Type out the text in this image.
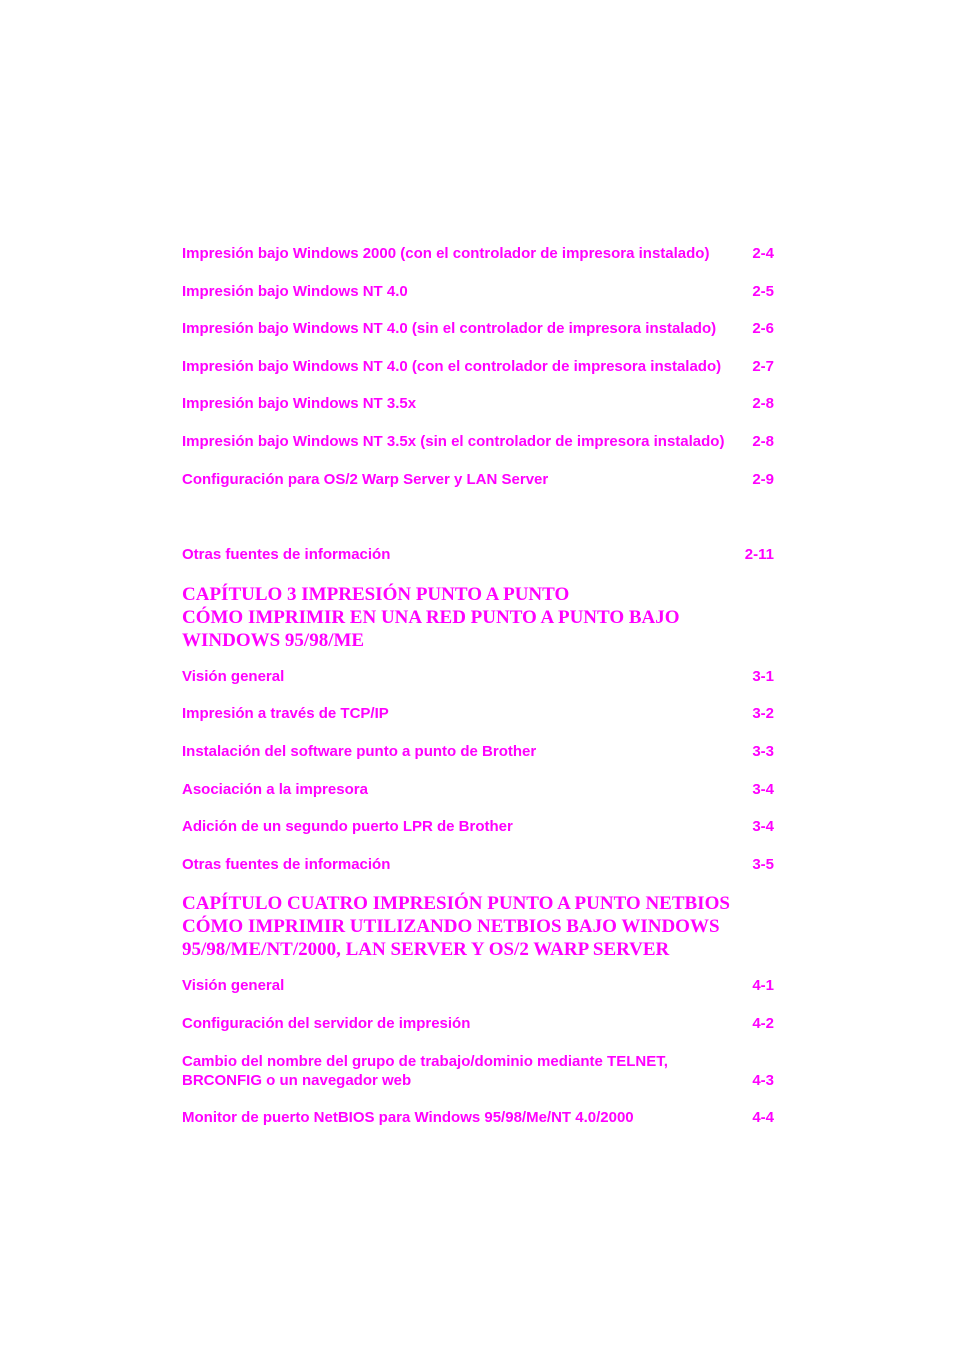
Impresión bajo Windows 2000 (con el controlador de impresora instalado)	2-4
Impresión bajo Windows NT 4.0	2-5
Impresión bajo Windows NT 4.0 (sin el controlador de impresora instalado) 2-6
Impresión bajo Windows NT 4.0 (con el controlador de impresora instalado) 2-7
Impresión bajo Windows NT 3.5x	2-8
Impresión bajo Windows NT 3.5x (sin el controlador de impresora instalado) 2-8
Configuración para OS/2 Warp Server y LAN Server	2-9
Otras fuentes de información	2-11
CAPÍTULO 3 IMPRESIÓN PUNTO A PUNTO
CÓMO IMPRIMIR EN UNA RED PUNTO A PUNTO BAJO
WINDOWS 95/98/ME
Visión general	3-1
Impresión a través de TCP/IP	3-2
Instalación del software punto a punto de Brother	3-3
Asociación a la impresora	3-4
Adición de un segundo puerto LPR de Brother	3-4
Otras fuentes de información	3-5
CAPÍTULO CUATRO IMPRESIÓN PUNTO A PUNTO NETBIOS
CÓMO IMPRIMIR UTILIZANDO NETBIOS BAJO WINDOWS
95/98/ME/NT/2000, LAN SERVER Y OS/2 WARP SERVER
Visión general	4-1
Configuración del servidor de impresión	4-2
Cambio del nombre del grupo de trabajo/dominio mediante TELNET, BRCONFIG o un navegador web	4-3
Monitor de puerto NetBIOS para Windows 95/98/Me/NT 4.0/2000	4-4
